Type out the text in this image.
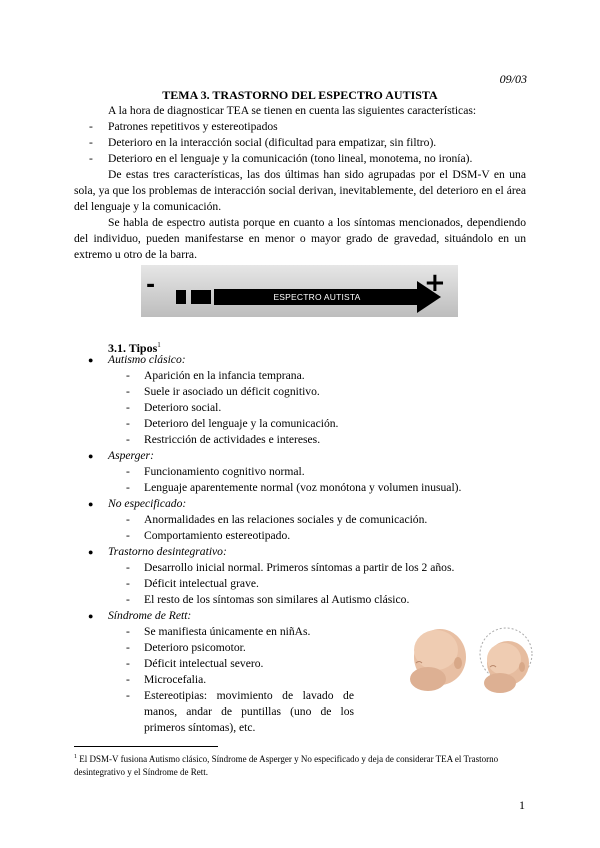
09/03
TEMA 3. TRASTORNO DEL ESPECTRO AUTISTA

A la hora de diagnosticar TEA se tienen en cuenta las siguientes características:

- Patrones repetitivos y estereotipados
- Deterioro en la interacción social (dificultad para empatizar, sin filtro).
- Deterioro en el lenguaje y la comunicación (tono lineal, monotema, no ironía).

De estas tres características, las dos últimas han sido agrupadas por el DSM-V en una sola, ya que los problemas de interacción social derivan, inevitablemente, del deterioro en el área del lenguaje y la comunicación.

Se habla de espectro autista porque en cuanto a los síntomas mencionados, dependiendo del individuo, pueden manifestarse en menor o mayor grado de gravedad, situándolo en un extremo u otro de la barra.

-	ESPECTRO AUTISTA	+
3.1. Tipos$^1$
● Autismo clásico:
- Aparición en la infancia temprana.
- Suele ir asociado un déficit cognitivo.
- Deterioro social.
- Deterioro del lenguaje y la comunicación.
- Restricción de actividades e intereses.
● Asperger:
- Funcionamiento cognitivo normal.
- Lenguaje aparentemente normal (voz monótona y volumen inusual).
● No especificado:
- Anormalidades en las relaciones sociales y de comunicación.
- Comportamiento estereotipado.
● Trastorno desintegrativo:
- Desarrollo inicial normal. Primeros síntomas a partir de los 2 años.
- Déficit intelectual grave.
- El resto de los síntomas son similares al Autismo clásico.
● Síndrome de Rett:
- Se manifiesta únicamente en niñAs.
- Deterioro psicomotor.
- Déficit intelectual severo.
- Microcefalia.
- Estereotipias: movimiento de lavado de manos, andar de puntillas (uno de los primeros síntomas), etc.
$^1$ El DSM-V fusiona Autismo clásico, Síndrome de Asperger y No especificado y deja de considerar TEA el Trastorno desintegrativo y el Síndrome de Rett.
1
